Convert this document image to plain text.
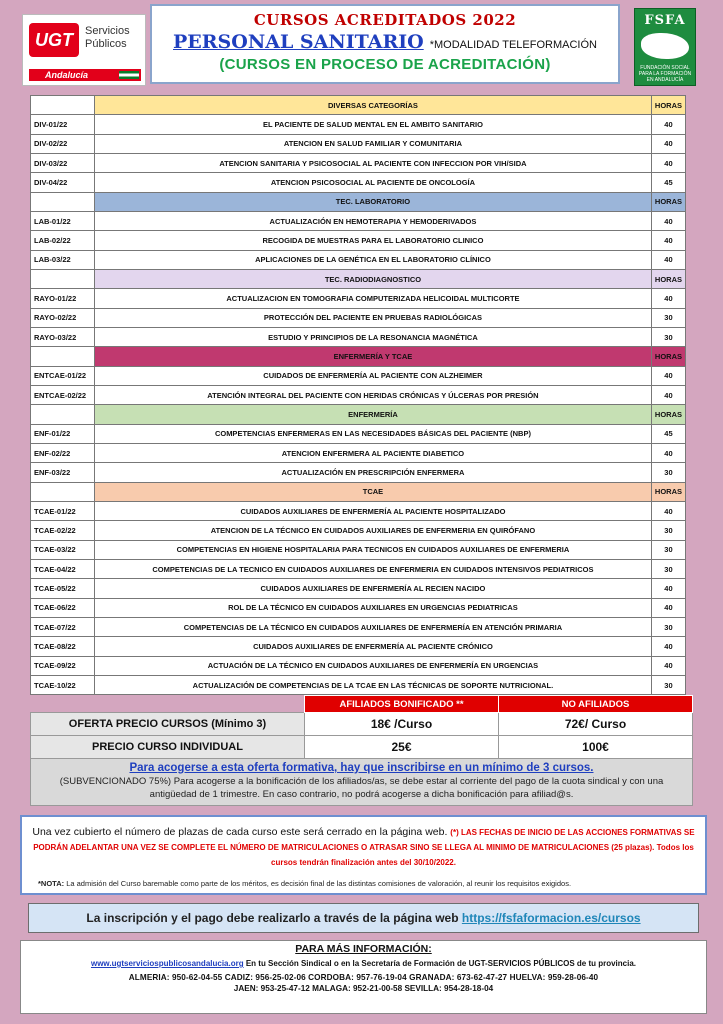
UGT	Servicios
Públicos
Andalucía
CURSOS ACREDITADOS 2022
PERSONAL SANITARIO *MODALIDAD TELEFORMACIÓN
(CURSOS EN PROCESO DE ACREDITACIÓN)
FSFA
FUNDACIÓN SOCIAL PARA LA FORMACIÓN EN ANDALUCÍA
	DIVERSAS CATEGORÍAS	HORAS
DIV-01/22	EL PACIENTE DE SALUD MENTAL EN EL AMBITO SANITARIO	40
DIV-02/22	ATENCION EN SALUD FAMILIAR Y COMUNITARIA	40
DIV-03/22	ATENCION SANITARIA Y PSICOSOCIAL AL PACIENTE CON INFECCION POR VIH/SIDA	40
DIV-04/22	ATENCION PSICOSOCIAL AL PACIENTE DE ONCOLOGÍA	45
	TEC. LABORATORIO	HORAS
LAB-01/22	ACTUALIZACIÓN EN HEMOTERAPIA Y HEMODERIVADOS	40
LAB-02/22	RECOGIDA DE MUESTRAS PARA EL LABORATORIO CLINICO	40
LAB-03/22	APLICACIONES DE LA GENÉTICA EN EL LABORATORIO CLÍNICO	40
	TEC. RADIODIAGNOSTICO	HORAS
RAYO-01/22	ACTUALIZACION EN TOMOGRAFIA COMPUTERIZADA HELICOIDAL MULTICORTE	40
RAYO-02/22	PROTECCIÓN DEL PACIENTE EN PRUEBAS RADIOLÓGICAS	30
RAYO-03/22	ESTUDIO Y PRINCIPIOS DE LA RESONANCIA MAGNÉTICA	30
	ENFERMERÍA Y TCAE	HORAS
ENTCAE-01/22	CUIDADOS DE ENFERMERÍA AL PACIENTE CON ALZHEIMER	40
ENTCAE-02/22	ATENCIÓN INTEGRAL DEL PACIENTE CON HERIDAS CRÓNICAS Y ÚLCERAS POR PRESIÓN	40
	ENFERMERÍA	HORAS
ENF-01/22	COMPETENCIAS ENFERMERAS EN LAS NECESIDADES BÁSICAS DEL PACIENTE (NBP)	45
ENF-02/22	ATENCION ENFERMERA AL PACIENTE DIABETICO	40
ENF-03/22	ACTUALIZACIÓN EN PRESCRIPCIÓN ENFERMERA	30
	TCAE	HORAS
TCAE-01/22	CUIDADOS AUXILIARES DE ENFERMERÍA AL PACIENTE HOSPITALIZADO	40
TCAE-02/22	ATENCION DE LA TÉCNICO EN CUIDADOS AUXILIARES DE ENFERMERIA EN QUIRÓFANO	30
TCAE-03/22	COMPETENCIAS EN HIGIENE HOSPITALARIA PARA TECNICOS EN CUIDADOS AUXILIARES DE ENFERMERIA	30
TCAE-04/22	COMPETENCIAS DE LA TECNICO EN CUIDADOS AUXILIARES DE ENFERMERIA EN CUIDADOS INTENSIVOS PEDIATRICOS	30
TCAE-05/22	CUIDADOS AUXILIARES DE ENFERMERÍA AL RECIEN NACIDO	40
TCAE-06/22	ROL DE LA TÉCNICO EN CUIDADOS AUXILIARES EN URGENCIAS PEDIATRICAS	40
TCAE-07/22	COMPETENCIAS DE LA TÉCNICO EN CUIDADOS AUXILIARES DE ENFERMERÍA EN ATENCIÓN PRIMARIA	30
TCAE-08/22	CUIDADOS AUXILIARES DE ENFERMERÍA AL PACIENTE CRÓNICO	40
TCAE-09/22	ACTUACIÓN DE LA TÉCNICO EN CUIDADOS AUXILIARES DE ENFERMERÍA EN URGENCIAS	40
TCAE-10/22	ACTUALIZACIÓN DE COMPETENCIAS DE LA TCAE EN LAS TÉCNICAS DE SOPORTE NUTRICIONAL.	30
	AFILIADOS BONIFICADO **	NO AFILIADOS
OFERTA PRECIO CURSOS (Mínimo 3)	18€ /Curso	72€/ Curso
PRECIO CURSO INDIVIDUAL	25€	100€
Para acogerse a esta oferta formativa, hay que inscribirse en un mínimo de 3 cursos.
(SUBVENCIONADO 75%) Para acogerse a la bonificación de los afiliados/as, se debe estar al corriente del pago de la cuota sindical y con una antigüedad de 1 trimestre. En caso contrario, no podrá acogerse a dicha bonificación para afiliad@s.
Una vez cubierto el número de plazas de cada curso este será cerrado en la página web. (*) LAS FECHAS DE INICIO DE LAS ACCIONES FORMATIVAS SE PODRÁN ADELANTAR UNA VEZ SE COMPLETE EL NÚMERO DE MATRICULACIONES O ATRASAR SINO SE LLEGA AL MINIMO DE MATRICULACIONES (25 plazas). Todos los cursos tendrán finalización antes del 30/10/2022.
*NOTA: La admisión del Curso baremable como parte de los méritos, es decisión final de las distintas comisiones de valoración, al reunir los requisitos exigidos.
La inscripción y el pago debe realizarlo a través de la página web https://fsfaformacion.es/cursos
PARA MÁS INFORMACIÓN:
www.ugtserviciospublicosandalucia.org En tu Sección Sindical o en la Secretaría de Formación de UGT-SERVICIOS PÚBLICOS de tu provincia.
ALMERIA: 950-62-04-55 CADIZ: 956-25-02-06 CORDOBA: 957-76-19-04 GRANADA: 673-62-47-27 HUELVA: 959-28-06-40
JAEN: 953-25-47-12 MALAGA: 952-21-00-58 SEVILLA: 954-28-18-04
